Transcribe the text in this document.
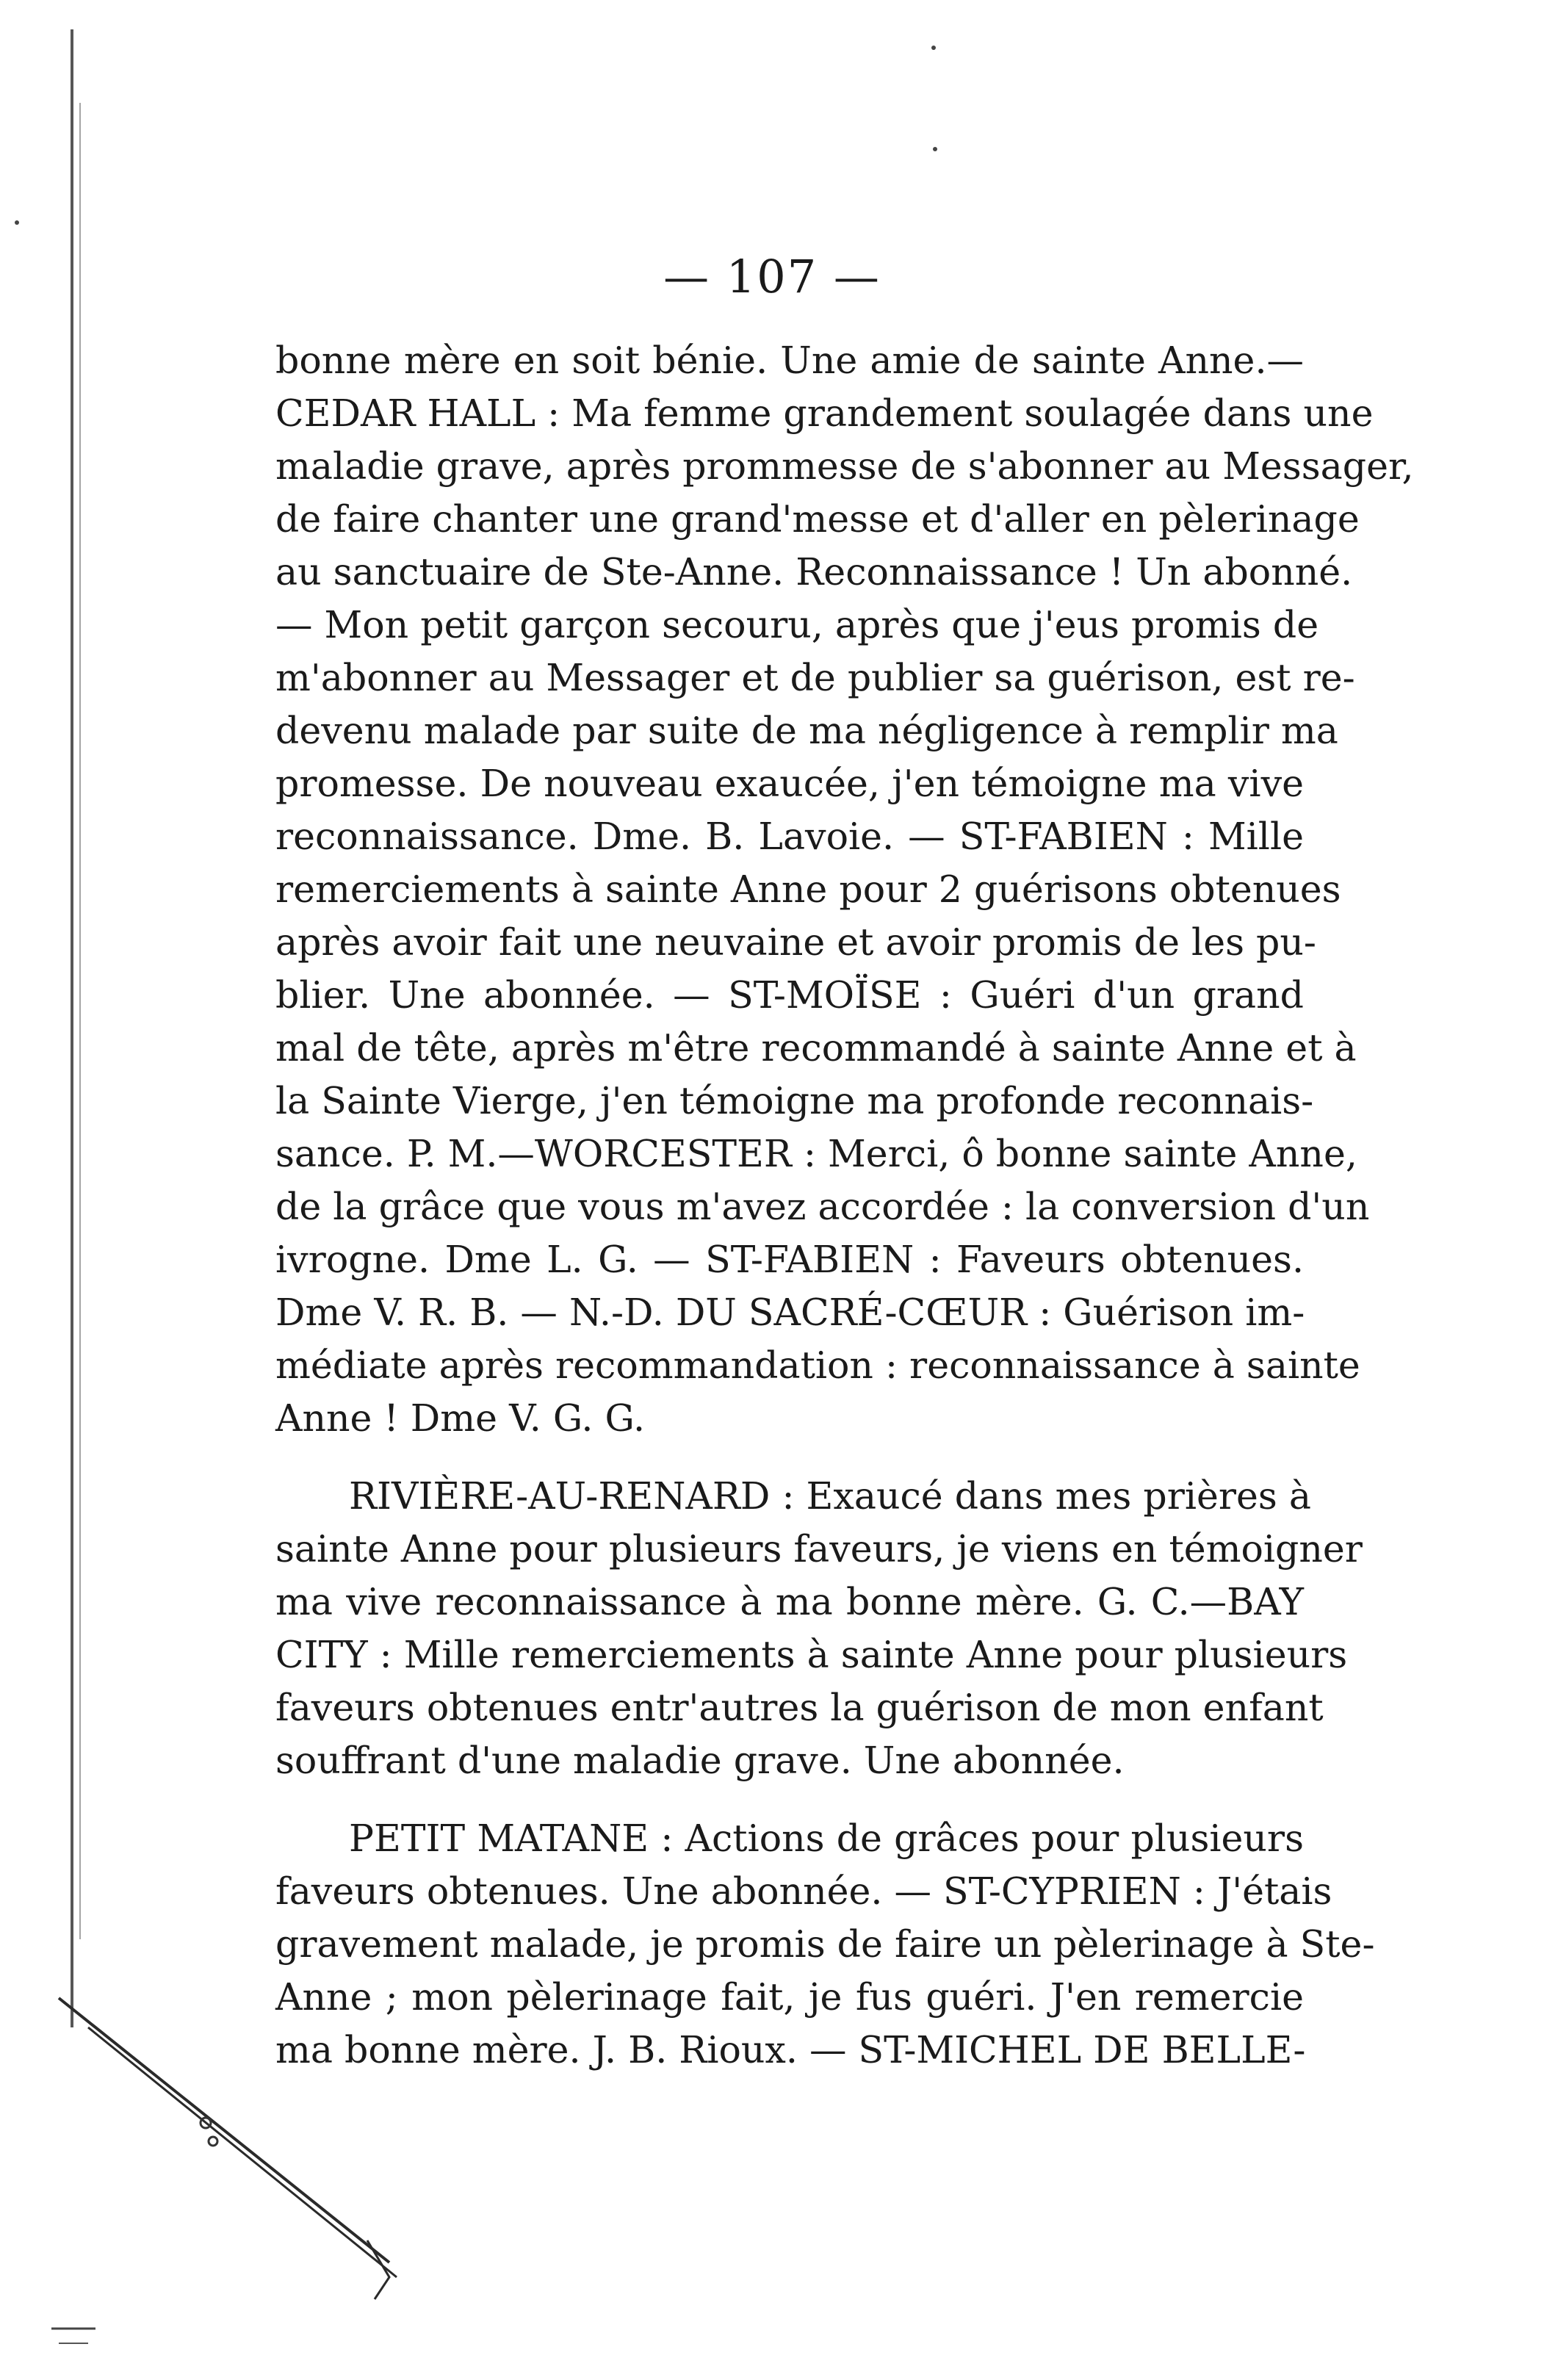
— 107 —
bonne mère en soit bénie. Une amie de sainte Anne.—
CEDAR HALL : Ma femme grandement soulagée dans une
maladie grave, après prommesse de s'abonner au Messager,
de faire chanter une grand'messe et d'aller en pèlerinage
au sanctuaire de Ste-Anne. Reconnaissance ! Un abonné.
— Mon petit garçon secouru, après que j'eus promis de
m'abonner au Messager et de publier sa guérison, est re-
devenu malade par suite de ma négligence à remplir ma
promesse. De nouveau exaucée, j'en témoigne ma vive
reconnaissance. Dme. B. Lavoie. — ST-FABIEN : Mille
remerciements à sainte Anne pour 2 guérisons obtenues
après avoir fait une neuvaine et avoir promis de les pu-
blier. Une abonnée. — ST-MOÏSE : Guéri d'un grand
mal de tête, après m'être recommandé à sainte Anne et à
la Sainte Vierge, j'en témoigne ma profonde reconnais-
sance. P. M.—WORCESTER : Merci, ô bonne sainte Anne,
de la grâce que vous m'avez accordée : la conversion d'un
ivrogne. Dme L. G. — ST-FABIEN : Faveurs obtenues.
Dme V. R. B. — N.-D. DU SACRÉ-CŒUR : Guérison im-
médiate après recommandation : reconnaissance à sainte
Anne ! Dme V. G. G.
RIVIÈRE-AU-RENARD : Exaucé dans mes prières à
sainte Anne pour plusieurs faveurs, je viens en témoigner
ma vive reconnaissance à ma bonne mère. G. C.—BAY
CITY : Mille remerciements à sainte Anne pour plusieurs
faveurs obtenues entr'autres la guérison de mon enfant
souffrant d'une maladie grave. Une abonnée.
PETIT MATANE : Actions de grâces pour plusieurs
faveurs obtenues. Une abonnée. — ST-CYPRIEN : J'étais
gravement malade, je promis de faire un pèlerinage à Ste-
Anne ; mon pèlerinage fait, je fus guéri. J'en remercie
ma bonne mère. J. B. Rioux. — ST-MICHEL DE BELLE-
